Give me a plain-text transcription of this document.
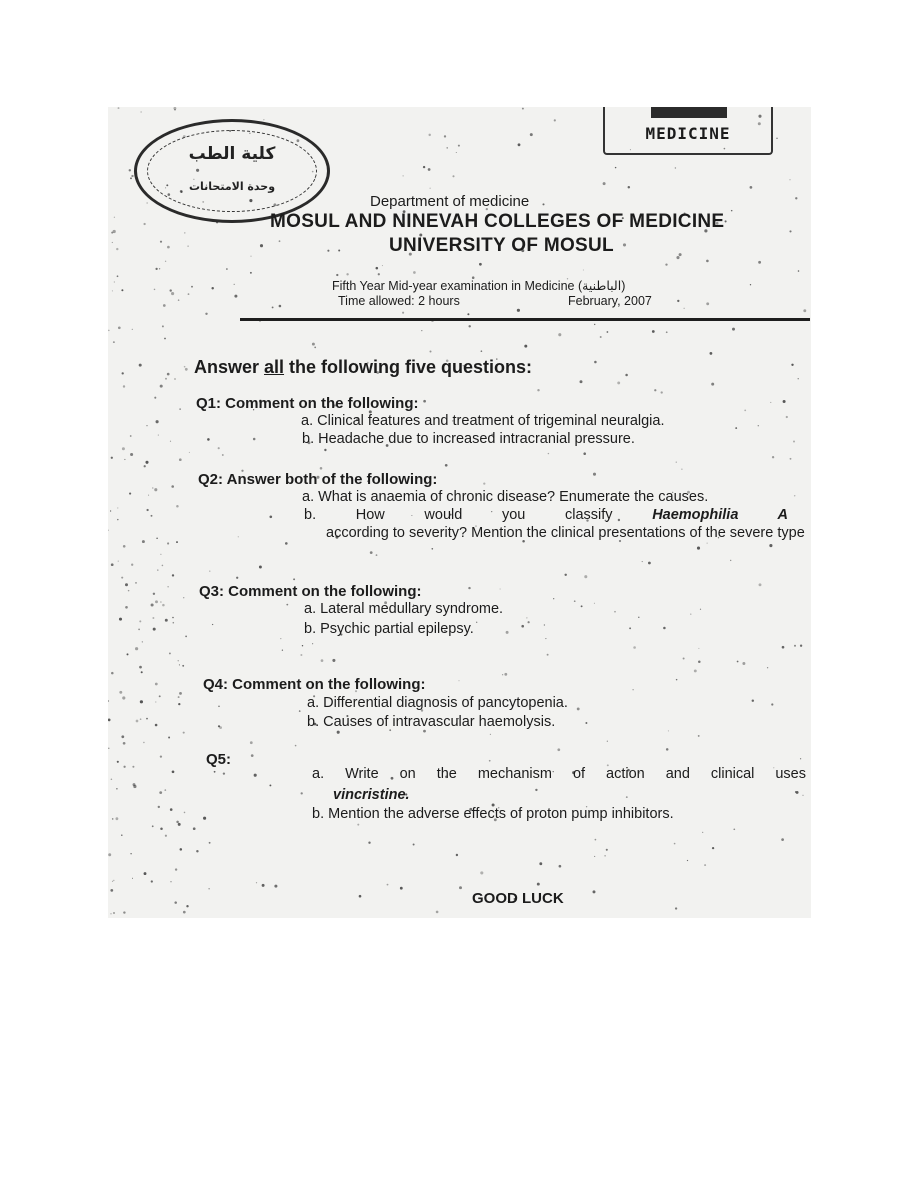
كلية الطب
وحدة الامتحانات
MEDICINE
Department of medicine
MOSUL AND NINEVAH COLLEGES OF MEDICINE
UNIVERSITY OF MOSUL
Fifth Year Mid-year examination in Medicine (الباطنية)
Time allowed: 2 hours	February, 2007
Answer all the following five questions:
Q1: Comment on the following:
a. Clinical features and treatment of trigeminal neuralgia.
b. Headache due to increased intracranial pressure.
Q2: Answer both of the following:
a. What is anaemia of chronic disease? Enumerate the causes.
b. How would you classify Haemophilia A
according to severity? Mention the clinical presentations of the severe type
Q3: Comment on the following:
a. Lateral medullary syndrome.
b. Psychic partial epilepsy.
Q4: Comment on the following:
a. Differential diagnosis of pancytopenia.
b. Causes of intravascular haemolysis.
Q5:
a. Write on the mechanism of action and clinical uses
vincristine.
b. Mention the adverse effects of proton pump inhibitors.
GOOD LUCK
